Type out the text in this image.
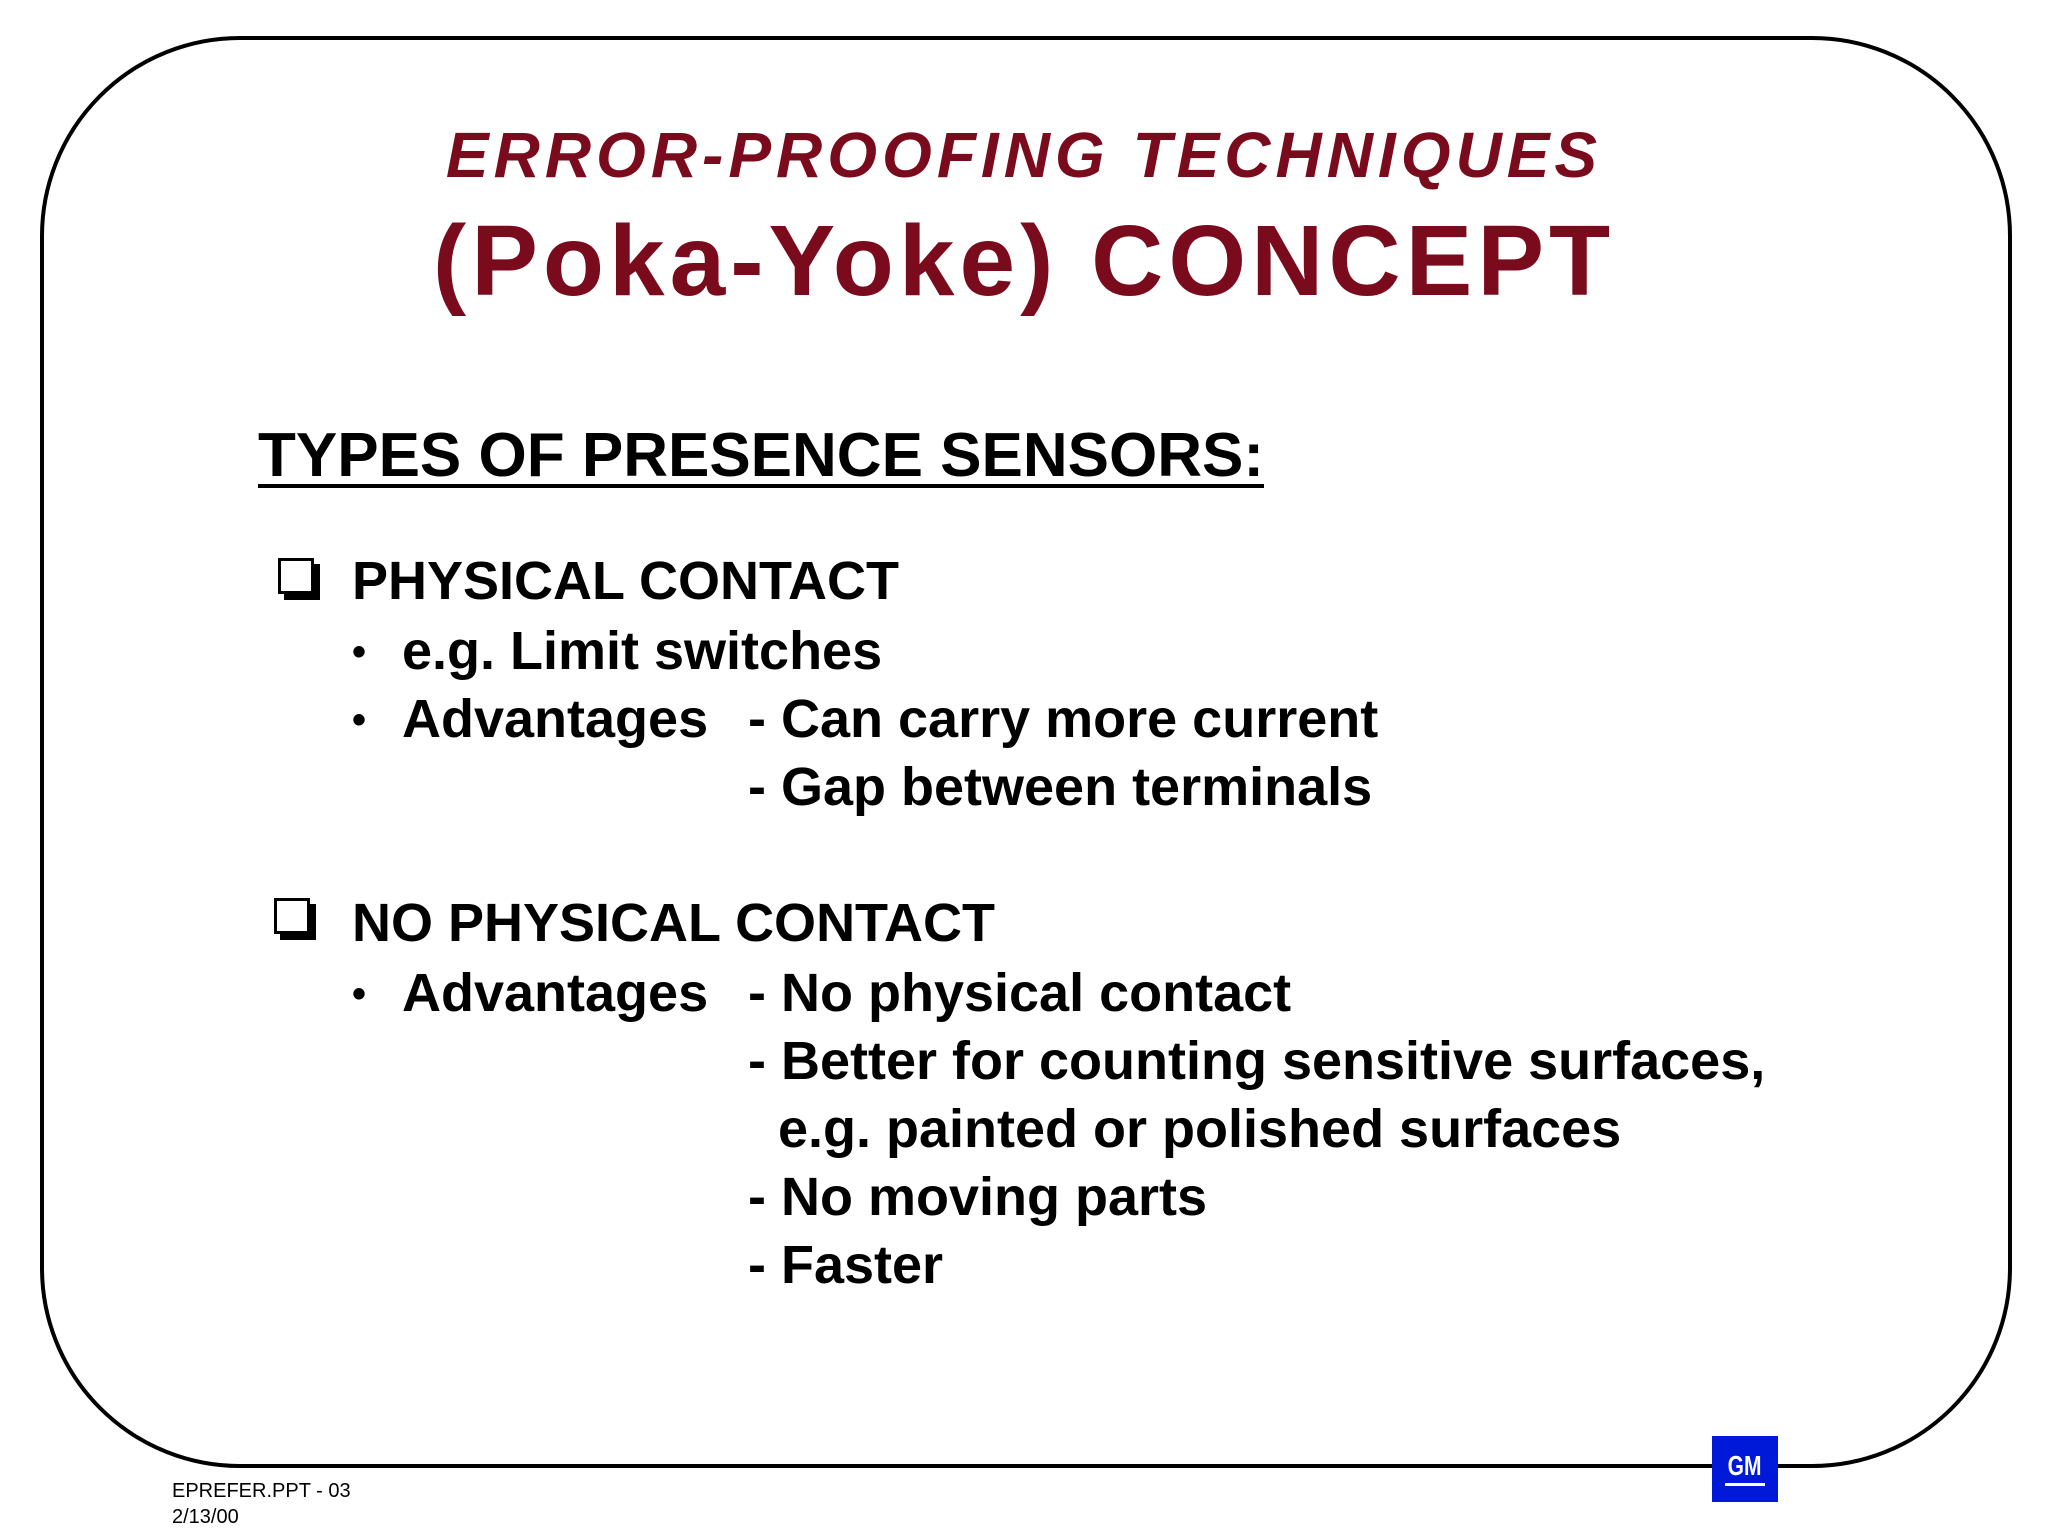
ERROR-PROOFING TECHNIQUES
(Poka-Yoke) CONCEPT
TYPES OF PRESENCE SENSORS:
PHYSICAL CONTACT
• e.g. Limit switches
• Advantages - Can carry more current
- Gap between terminals
NO PHYSICAL CONTACT
• Advantages - No physical contact
- Better for counting sensitive surfaces,
e.g. painted or polished surfaces
- No moving parts
- Faster
EPREFER.PPT - 03
2/13/00
GM
